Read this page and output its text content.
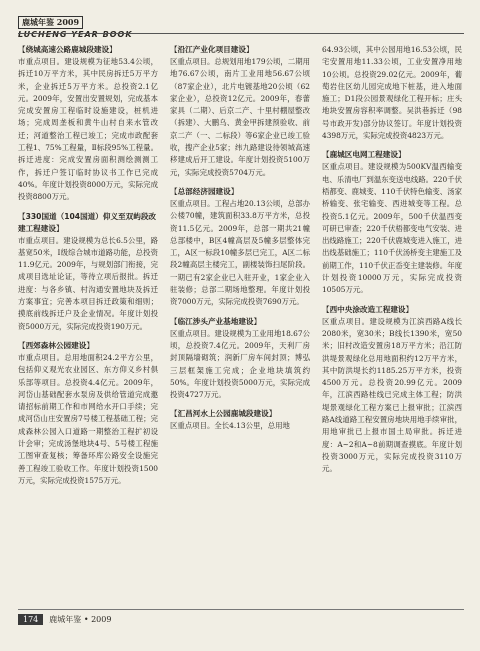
鹿城年鉴 2009
LUCHENG YEAR BOOK

【绕城高速公路鹿城段建设】

市重点项目。建设规模为征地53.4公顷，拆迁10万平方米，其中民房拆迁5万平方米，企业拆迁5万平方米。总投资2.1亿元。2009年，安置出安置规划，完成基本完成安置房工程临时设施建设，桩机进场；完成周垄板和黄牛山村自来水管改迁；河道整治工程已竣工；完成市政配套工程1、75%工程量，Ⅱ标段95%工程量。拆迁进度：完成安置房面积测绘测测工作，拆迁户签订临时协议书工作已完成40%。年度计划投资8000万元，实际完成投资8800万元。

【330国道（104国道）仰义至双屿段改建工程建设】

市重点项目。建设规模为总长6.5公里，路基宽50米，Ⅰ级综合城市道路功能，总投资11.9亿元。2009年，与规划部门衔接，完成项目选址论证，等待立项后报批。拆迁进度：与各乡镇、村沟通安置地块及拆迁方案事宜；完善本项目拆迁政策和细则；摸底前线拆迁户及企业情况。年度计划投资5000万元，实际完成投资190万元。

【西郊森林公园建设】

市重点项目。总用地面积24.2平方公里，包括仰义观光农业园区、东方仰义乡村俱乐部等项目。总投资4.4亿元。2009年，河岱山基础配套水泵房及供给管道完成邀请招标前期工作和市网给水开口手续；完成河岱山庄安置房7号楼工程基础工程；完成森林公园入口道路一期整治工程扩初设计会审；完成汤堡地块4号、5号楼工程施工图审查复核；筹备环库公路安全设施完善工程竣工验收工作。年度计划投资1500万元，实际完成投资1575万元。

【沿江产业化项目建设】

区重点项目。总规划用地179公顷，二期用地76.67公顷，南片工业用地56.67公顷（87家企业），北片电镀基地20公顷（62家企业），总投资12亿元。2009年，春蕾家具（二期）、后京二产、十里村棚屋整改（拆建）、大鹏乌、黄金甲拆建预验收、前京二产（一、二标段）等6家企业已竣工验收，搜产企业5家；纬九路建设待领城高速移建成后开工建设。年度计划投资5100万元，实际完成投资5704万元。

【总部经济园建设】

区重点项目。工程占地20.13公顷，总部办公楼70幢，建筑面积33.8万平方米，总投资11.5亿元。2009年，总部一期共21幢总部楼中，B区4幢高层及5幢多层整体完工，A区一标段10幢多层已完工，A区二标段2幢高层主楼完工，副楼装饰扫尾阶段。一期已有2家企业已入驻开业，1家企业入驻装修；总部二期场地整理。年度计划投资7000万元，实际完成投资7690万元。

【临江涉头产业基地建设】

区重点项目。建设规模为工业用地18.67公顷，总投资7.4亿元。2009年，天利厂房封顶隔墙砌筑；润新厂房车间封顶；博弘三层框架施工完成；企业地块填筑约50%。年度计划投资5000万元，实际完成投资4727万元。

【汇昌河水上公园鹿城段建设】

区重点项目。全长4.13公里，总用地

64.93公顷，其中公园用地16.53公顷，民宅安置用地11.33公顷，工业安置净用地10公顷。总投资29.02亿元。2009年，葡萄岩住区幼儿园完成地下桩基，进入地面施工；D1段公园景观绿化工程开标；庄头地块安置房容积率调整。吴洪巷拆迁（98号市政开发)部分协议签订。年度计划投资4398万元，实际完成投资4823万元。

【鹿城区电网工程建设】

区重点项目。建设规模为500KV温西输变电、乐清电厂到温东变送电线路。220千伏梧都变、鹿城变、110千伏特色输变、汤家桥输变、张宅输变、西进城变等工程。总投资5.1亿元。2009年，500千伏温西变可研已审查；220千伏梧都变电气安装、进出线路施工；220千伏鹿城变进入施工，进出线基础施工；110千伏汤桥变主建施工及前期工作，110千伏正岙变主建装修。年度计划投资10000万元，实际完成投资10505万元。

【西中央涂改造工程建设】

区重点项目。建设规模为江滨西路A线长2080米，宽30米；B线长1390米，宽50米；旧村改造安置房18万平方米；沿江防洪堤景观绿化总用地面积约12万平方米，其中防洪堤长约1185.25万平方米，投资4500万元。总投资20.99亿元。2009年，江滨西路桂线已完成主体工程；防洪堤景观绿化工程方案已上报审批；江滨西路A线道路工程安置房地块用地手续审批，用地审批已上报市国土局审批。拆迁进度：A~2和A~8前期调查摸底。年度计划投资3000万元，实际完成投资3110万元。

174	鹿城年鉴 • 2009
